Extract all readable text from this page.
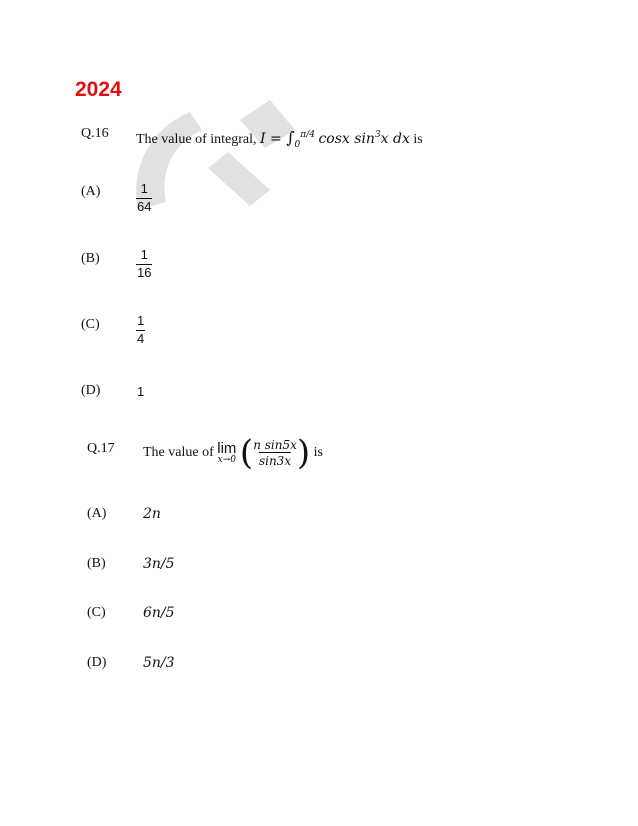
2024
Q.16 The value of integral, $I = \int_0^{\pi/4}$ cosx $\sin^3x$ dx is
(A)	$\frac{1}{64}$
(B)	$\frac{1}{16}$
(C)	$\frac{1}{4}$
(D)	1
Q.17 The value of lim
x→0 ( $\frac{\text{n sin5x}}{\sin 3x}$ ) is
(A)	2n
(B)	3n/5
(C)	6n/5
(D)	5n/3
